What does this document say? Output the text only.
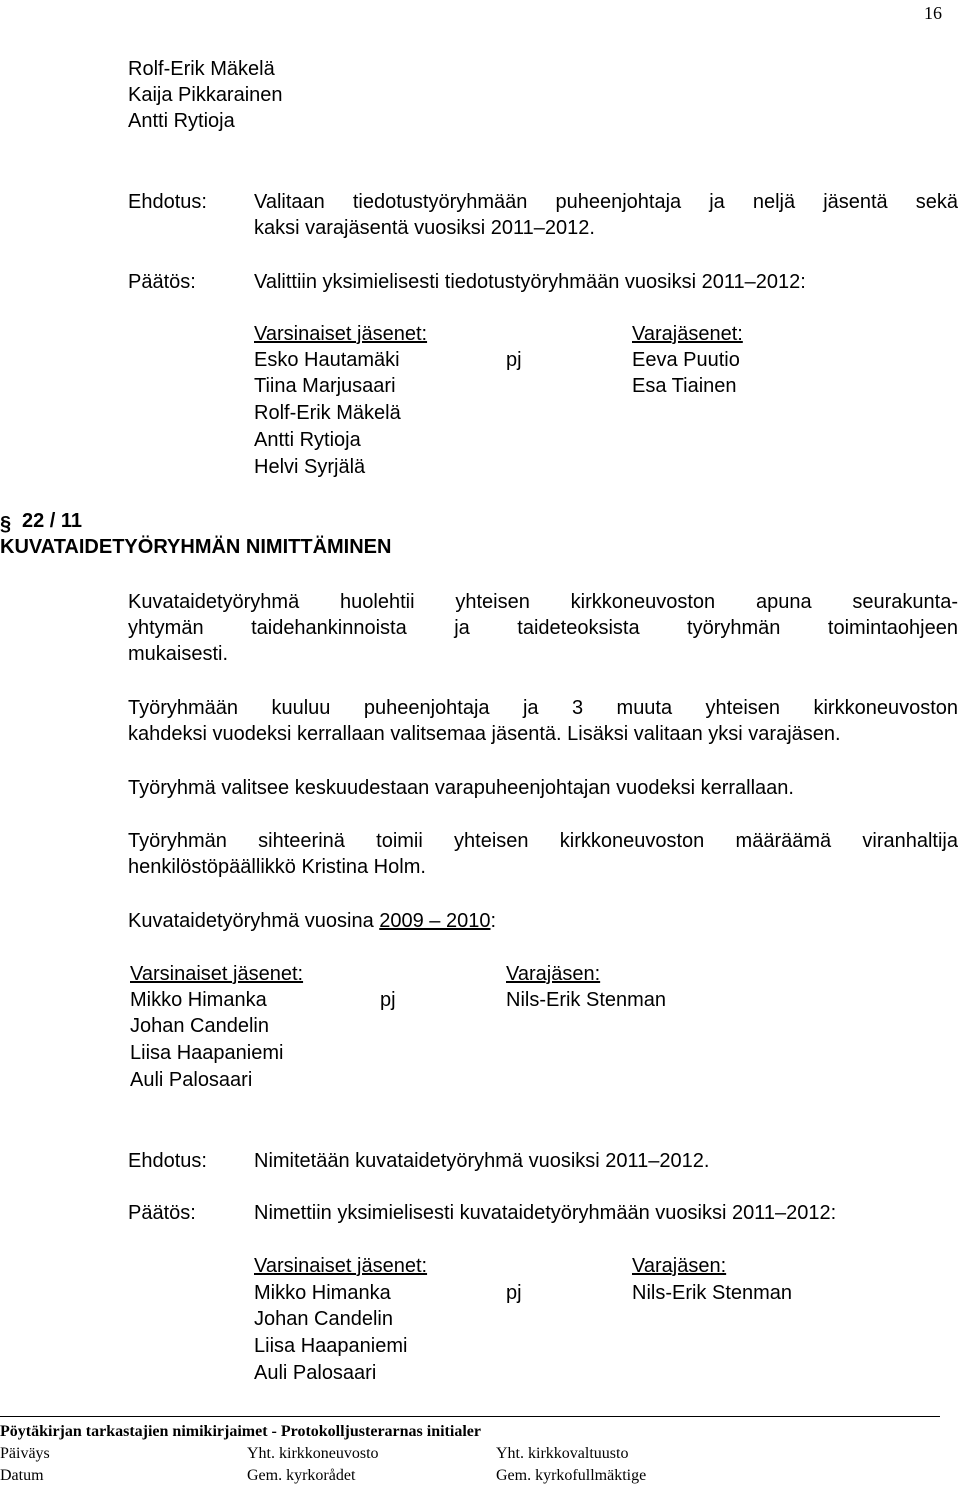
16
Rolf-Erik Mäkelä
Kaija Pikkarainen
Antti Rytioja
Ehdotus: Valitaan tiedotustyöryhmään puheenjohtaja ja neljä jäsentä sekä
kaksi varajäsentä vuosiksi 2011–2012.
Päätös:	Valittiin yksimielisesti tiedotustyöryhmään vuosiksi 2011–2012:
Varsinaiset jäsenet:	Varajäsenet:
Esko Hautamäki	pj	Eeva Puutio
Tiina Marjusaari	Esa Tiainen
Rolf-Erik Mäkelä
Antti Rytioja
Helvi Syrjälä
§ 22 / 11
KUVATAIDETYÖRYHMÄN NIMITTÄMINEN
Kuvataidetyöryhmä huolehtii yhteisen kirkkoneuvoston apuna seurakunta-
yhtymän taidehankinnoista ja taideteoksista työryhmän toimintaohjeen
mukaisesti.
Työryhmään kuuluu puheenjohtaja ja 3 muuta yhteisen kirkkoneuvoston
kahdeksi vuodeksi kerrallaan valitsemaa jäsentä. Lisäksi valitaan yksi varajäsen.
Työryhmä valitsee keskuudestaan varapuheenjohtajan vuodeksi kerrallaan.
Työryhmän sihteerinä toimii yhteisen kirkkoneuvoston määräämä viranhaltija
henkilöstöpäällikkö Kristina Holm.
Kuvataidetyöryhmä vuosina 2009 – 2010:
Varsinaiset jäsenet:	Varajäsen:
Mikko Himanka	pj	Nils-Erik Stenman
Johan Candelin
Liisa Haapaniemi
Auli Palosaari
Ehdotus: Nimitetään kuvataidetyöryhmä vuosiksi 2011–2012.
Päätös:	Nimettiin yksimielisesti kuvataidetyöryhmään vuosiksi 2011–2012:
Varsinaiset jäsenet:	Varajäsen:
Mikko Himanka	pj	Nils-Erik Stenman
Johan Candelin
Liisa Haapaniemi
Auli Palosaari
Pöytäkirjan tarkastajien nimikirjaimet - Protokolljusterarnas initialer
Päiväys	Yht. kirkkoneuvosto	Yht. kirkkovaltuusto
Datum	Gem. kyrkorådet	Gem. kyrkofullmäktige
